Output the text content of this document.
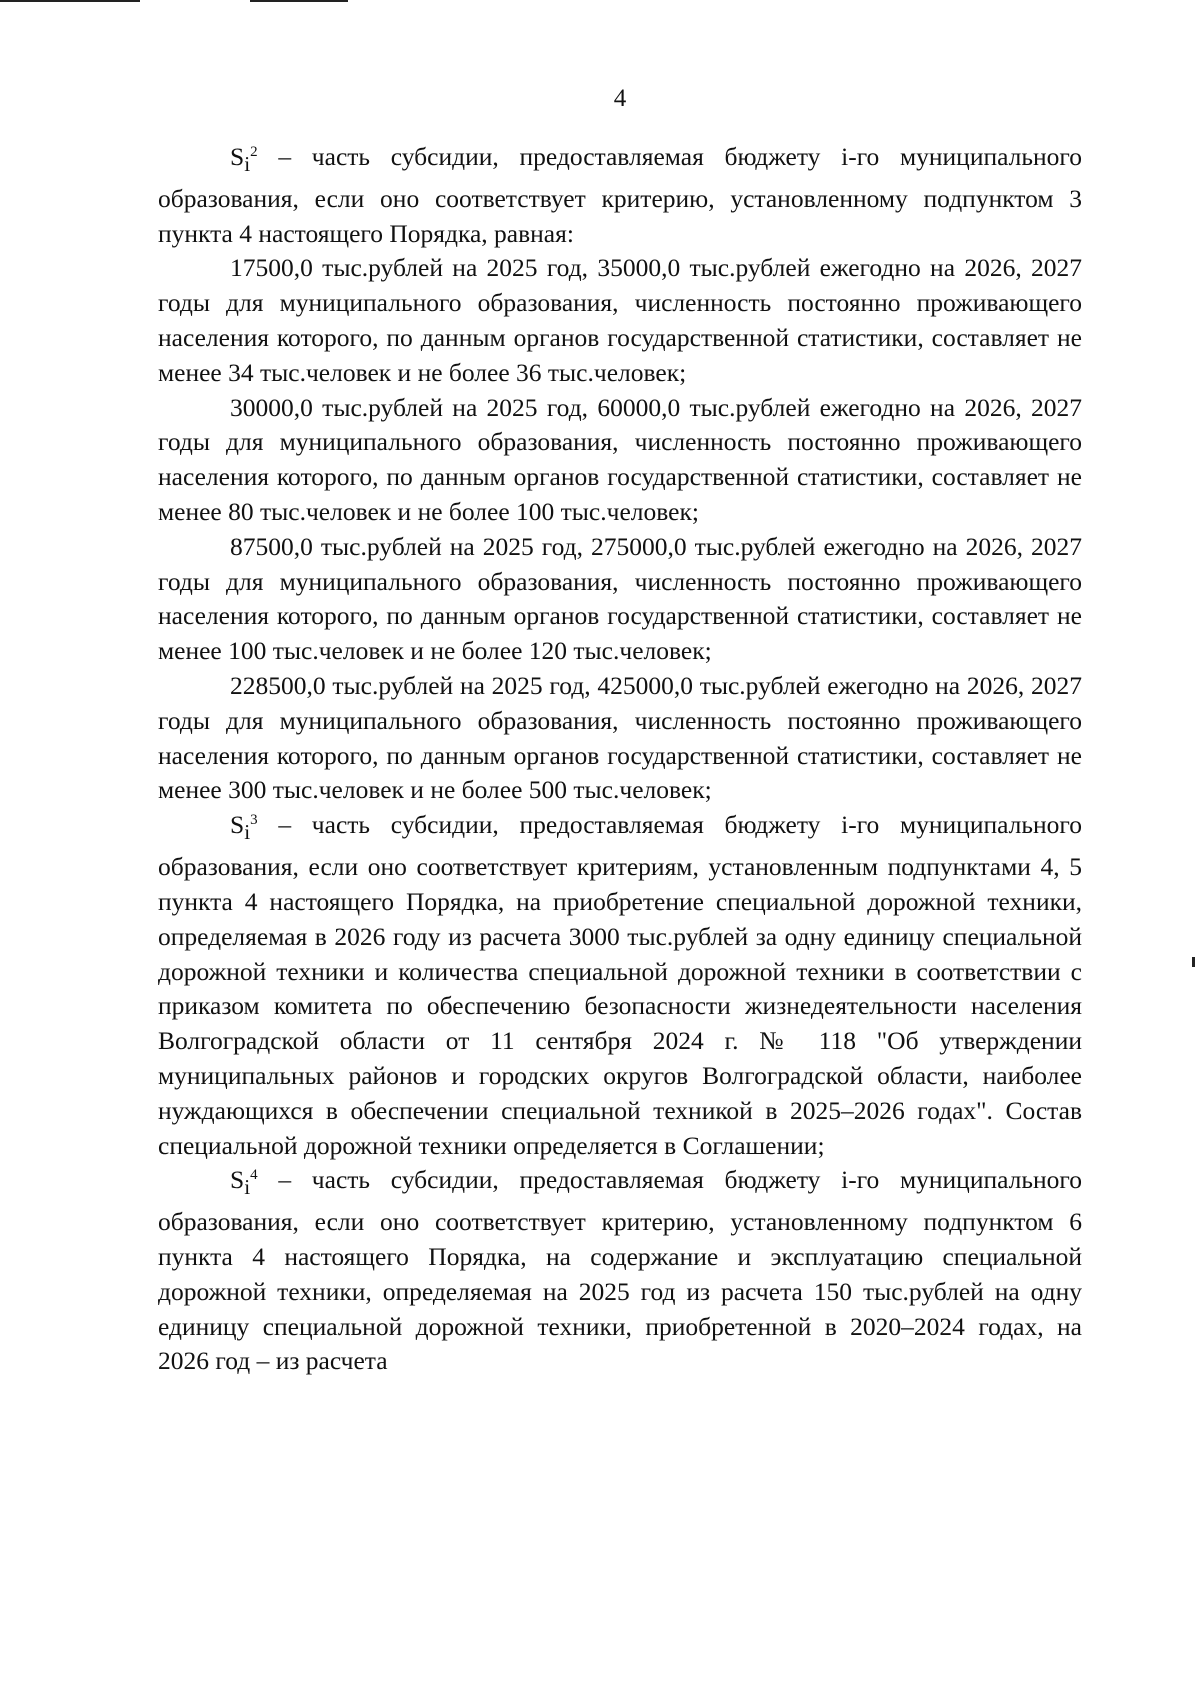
4

$S_i^2$ – часть субсидии, предоставляемая бюджету i-го муниципального образования, если оно соответствует критерию, установленному подпунктом 3 пункта 4 настоящего Порядка, равная:

17500,0 тыс.рублей на 2025 год, 35000,0 тыс.рублей ежегодно на 2026, 2027 годы для муниципального образования, численность постоянно проживающего населения которого, по данным органов государственной статистики, составляет не менее 34 тыс.человек и не более 36 тыс.человек;

30000,0 тыс.рублей на 2025 год, 60000,0 тыс.рублей ежегодно на 2026, 2027 годы для муниципального образования, численность постоянно проживающего населения которого, по данным органов государственной статистики, составляет не менее 80 тыс.человек и не более 100 тыс.человек;

87500,0 тыс.рублей на 2025 год, 275000,0 тыс.рублей ежегодно на 2026, 2027 годы для муниципального образования, численность постоянно проживающего населения которого, по данным органов государственной статистики, составляет не менее 100 тыс.человек и не более 120 тыс.человек;

228500,0 тыс.рублей на 2025 год, 425000,0 тыс.рублей ежегодно на 2026, 2027 годы для муниципального образования, численность постоянно проживающего населения которого, по данным органов государственной статистики, составляет не менее 300 тыс.человек и не более 500 тыс.человек;

$S_i^3$ – часть субсидии, предоставляемая бюджету i-го муниципального образования, если оно соответствует критериям, установленным подпунктами 4, 5 пункта 4 настоящего Порядка, на приобретение специальной дорожной техники, определяемая в 2026 году из расчета 3000 тыс.рублей за одну единицу специальной дорожной техники и количества специальной дорожной техники в соответствии с приказом комитета по обеспечению безопасности жизнедеятельности населения Волгоградской области от 11 сентября 2024 г. № 118 "Об утверждении муниципальных районов и городских округов Волгоградской области, наиболее нуждающихся в обеспечении специальной техникой в 2025–2026 годах". Состав специальной дорожной техники определяется в Соглашении;

$S_i^4$ – часть субсидии, предоставляемая бюджету i-го муниципального образования, если оно соответствует критерию, установленному подпунктом 6 пункта 4 настоящего Порядка, на содержание и эксплуатацию специальной дорожной техники, определяемая на 2025 год из расчета 150 тыс.рублей на одну единицу специальной дорожной техники, приобретенной в 2020–2024 годах, на 2026 год – из расчета
